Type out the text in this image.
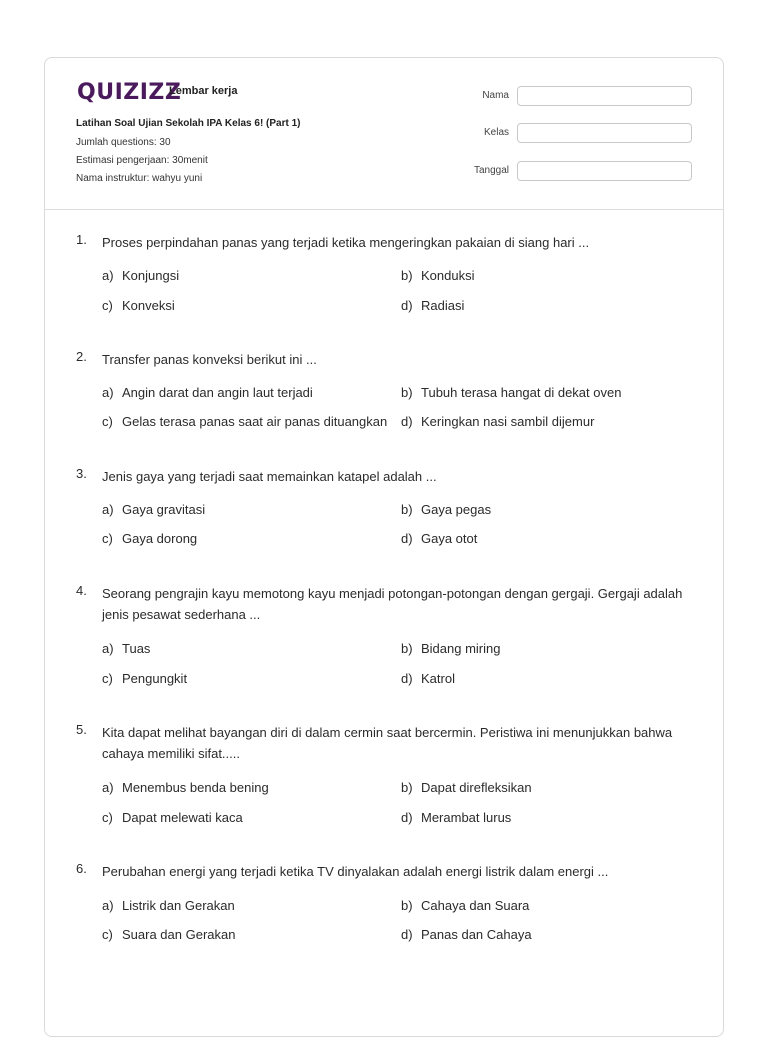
QUIZIZZ
Lembar kerja
Latihan Soal Ujian Sekolah IPA Kelas 6! (Part 1)
Jumlah questions: 30
Estimasi pengerjaan: 30menit
Nama instruktur: wahyu yuni
Nama
Kelas
Tanggal
1. Proses perpindahan panas yang terjadi ketika mengeringkan pakaian di siang hari ...
a) Konjungsi	b) Konduksi
c) Konveksi	d) Radiasi
2. Transfer panas konveksi berikut ini ...
a) Angin darat dan angin laut terjadi	b) Tubuh terasa hangat di dekat oven
c) Gelas terasa panas saat air panas dituangkan d) Keringkan nasi sambil dijemur
3. Jenis gaya yang terjadi saat memainkan katapel adalah ...
a) Gaya gravitasi	b) Gaya pegas
c) Gaya dorong	d) Gaya otot
4. Seorang pengrajin kayu memotong kayu menjadi potongan-potongan dengan gergaji. Gergaji adalah jenis pesawat sederhana ...
a) Tuas	b) Bidang miring
c) Pengungkit	d) Katrol
5. Kita dapat melihat bayangan diri di dalam cermin saat bercermin. Peristiwa ini menunjukkan bahwa cahaya memiliki sifat.....
a) Menembus benda bening	b) Dapat direfleksikan
c) Dapat melewati kaca	d) Merambat lurus
6. Perubahan energi yang terjadi ketika TV dinyalakan adalah energi listrik dalam energi ...
a) Listrik dan Gerakan	b) Cahaya dan Suara
c) Suara dan Gerakan	d) Panas dan Cahaya
